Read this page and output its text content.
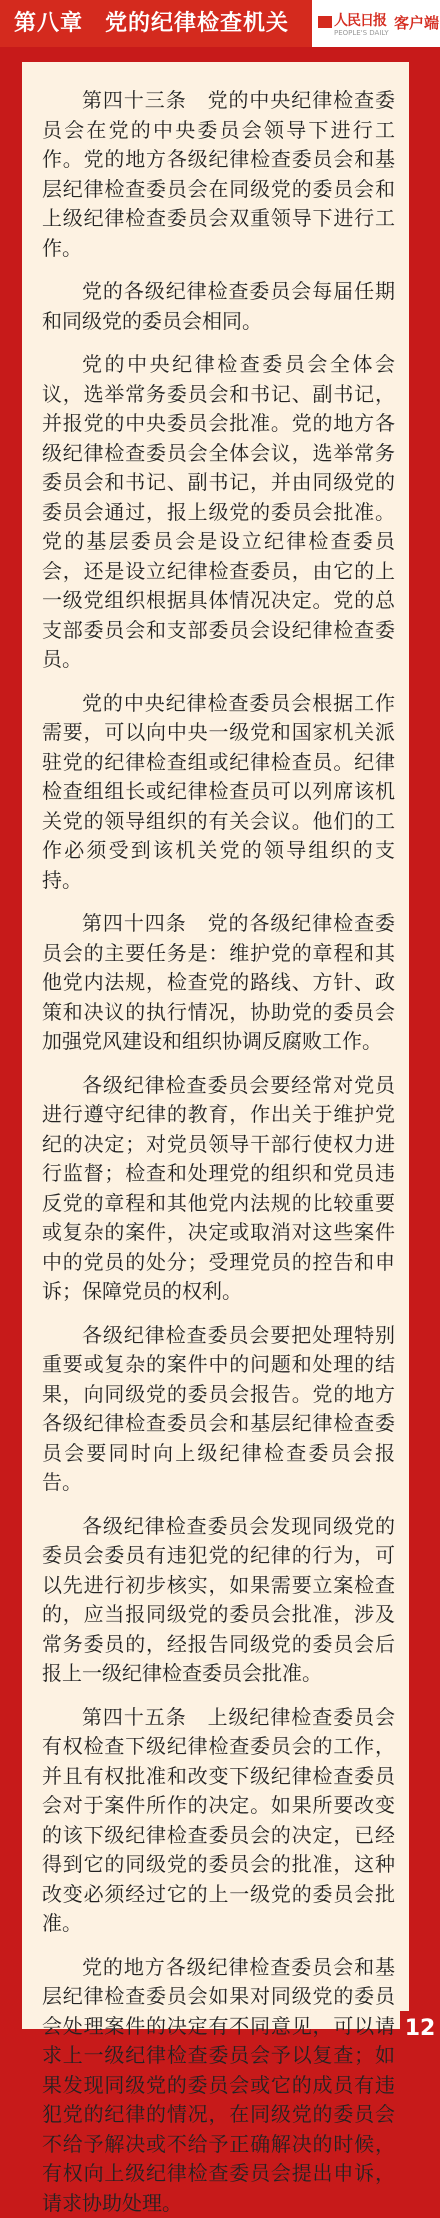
第八章 党的纪律检查机关	人民日报
PEOPLE'S DAILY
客户端

第四十三条　党的中央纪律检查委员会在党的中央委员会领导下进行工作。党的地方各级纪律检查委员会和基层纪律检查委员会在同级党的委员会和上级纪律检查委员会双重领导下进行工作。

党的各级纪律检查委员会每届任期和同级党的委员会相同。

党的中央纪律检查委员会全体会议，选举常务委员会和书记、副书记，并报党的中央委员会批准。党的地方各级纪律检查委员会全体会议，选举常务委员会和书记、副书记，并由同级党的委员会通过，报上级党的委员会批准。党的基层委员会是设立纪律检查委员会，还是设立纪律检查委员，由它的上一级党组织根据具体情况决定。党的总支部委员会和支部委员会设纪律检查委员。

党的中央纪律检查委员会根据工作需要，可以向中央一级党和国家机关派驻党的纪律检查组或纪律检查员。纪律检查组组长或纪律检查员可以列席该机关党的领导组织的有关会议。他们的工作必须受到该机关党的领导组织的支持。

第四十四条　党的各级纪律检查委员会的主要任务是：维护党的章程和其他党内法规，检查党的路线、方针、政策和决议的执行情况，协助党的委员会加强党风建设和组织协调反腐败工作。

各级纪律检查委员会要经常对党员进行遵守纪律的教育，作出关于维护党纪的决定；对党员领导干部行使权力进行监督；检查和处理党的组织和党员违反党的章程和其他党内法规的比较重要或复杂的案件，决定或取消对这些案件中的党员的处分；受理党员的控告和申诉；保障党员的权利。

各级纪律检查委员会要把处理特别重要或复杂的案件中的问题和处理的结果，向同级党的委员会报告。党的地方各级纪律检查委员会和基层纪律检查委员会要同时向上级纪律检查委员会报告。

各级纪律检查委员会发现同级党的委员会委员有违犯党的纪律的行为，可以先进行初步核实，如果需要立案检查的，应当报同级党的委员会批准，涉及常务委员的，经报告同级党的委员会后报上一级纪律检查委员会批准。

第四十五条　上级纪律检查委员会有权检查下级纪律检查委员会的工作，并且有权批准和改变下级纪律检查委员会对于案件所作的决定。如果所要改变的该下级纪律检查委员会的决定，已经得到它的同级党的委员会的批准，这种改变必须经过它的上一级党的委员会批准。

党的地方各级纪律检查委员会和基层纪律检查委员会如果对同级党的委员会处理案件的决定有不同意见，可以请求上一级纪律检查委员会予以复查；如果发现同级党的委员会或它的成员有违犯党的纪律的情况，在同级党的委员会不给予解决或不给予正确解决的时候，有权向上级纪律检查委员会提出申诉，请求协助处理。

12
